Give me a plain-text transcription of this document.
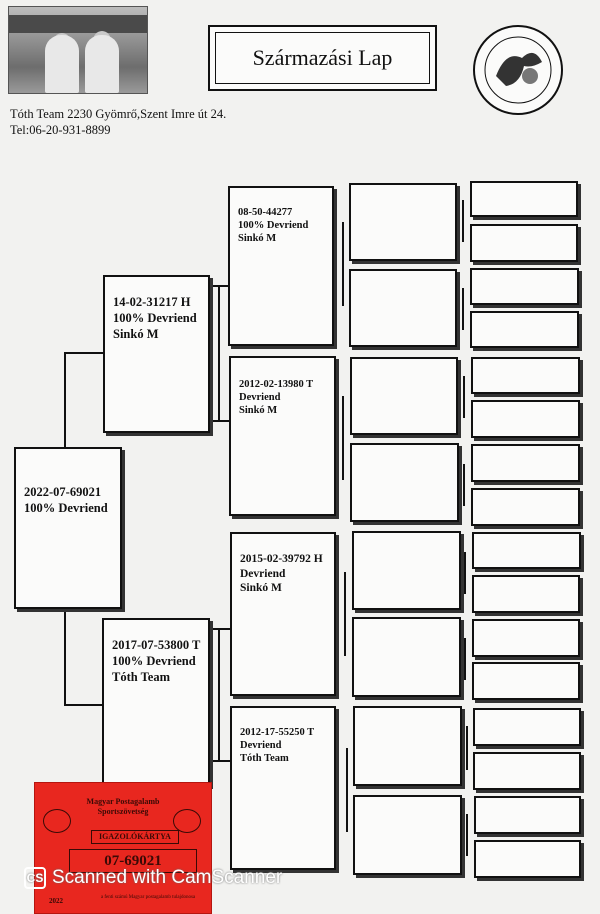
Származási Lap
Tóth Team 2230 Gyömrő,Szent Imre út 24.
Tel:06-20-931-8899
2022-07-69021
100% Devriend
14-02-31217 H
100% Devriend
Sinkó M
2017-07-53800 T
100% Devriend
Tóth Team
08-50-44277
100% Devriend
Sinkó M
2012-02-13980 T
Devriend
Sinkó M
2015-02-39792 H
Devriend
Sinkó M
2012-17-55250 T
Devriend
Tóth Team
Magyar Postagalamb
Sportszövetség
IGAZOLÓKÁRTYA
07-69021
2022	a fenti számú Magyar postagalamb tulajdonosa
CS Scanned with CamScanner
